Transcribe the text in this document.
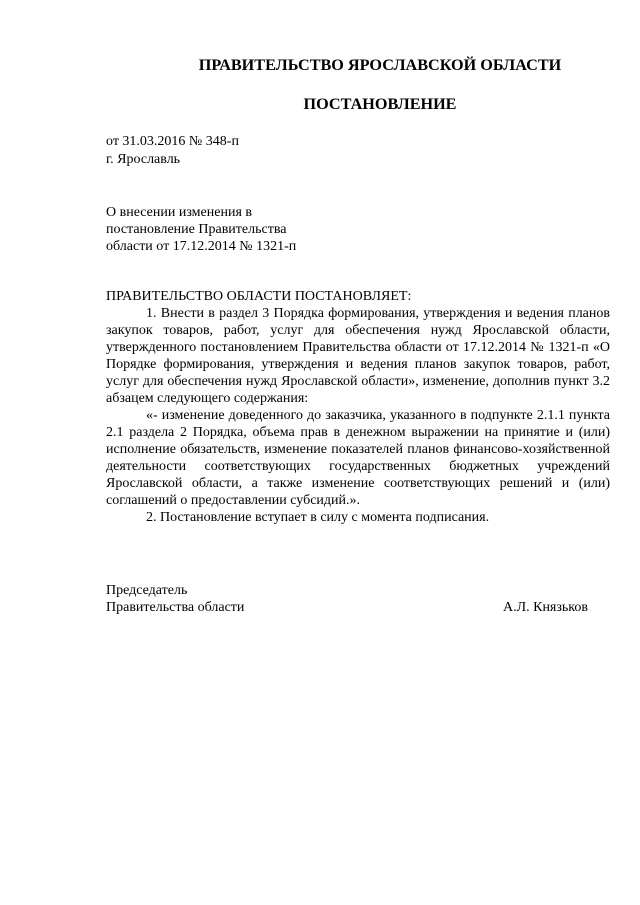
ПРАВИТЕЛЬСТВО ЯРОСЛАВСКОЙ ОБЛАСТИ
ПОСТАНОВЛЕНИЕ
от 31.03.2016 № 348-п
г. Ярославль
О внесении изменения в
постановление Правительства
области от 17.12.2014 № 1321-п

ПРАВИТЕЛЬСТВО ОБЛАСТИ ПОСТАНОВЛЯЕТ:

1. Внести в раздел 3 Порядка формирования, утверждения и ведения планов закупок товаров, работ, услуг для обеспечения нужд Ярославской области, утвержденного постановлением Правительства области от 17.12.2014 № 1321-п «О Порядке формирования, утверждения и ведения планов закупок товаров, работ, услуг для обеспечения нужд Ярославской области», изменение, дополнив пункт 3.2 абзацем следующего содержания:

«- изменение доведенного до заказчика, указанного в подпункте 2.1.1 пункта 2.1 раздела 2 Порядка, объема прав в денежном выражении на принятие и (или) исполнение обязательств, изменение показателей планов финансово-хозяйственной деятельности соответствующих государственных бюджетных учреждений Ярославской области, а также изменение соответствующих решений и (или) соглашений о предоставлении субсидий.».

2. Постановление вступает в силу с момента подписания.

Председатель
Правительства области	А.Л. Князьков
